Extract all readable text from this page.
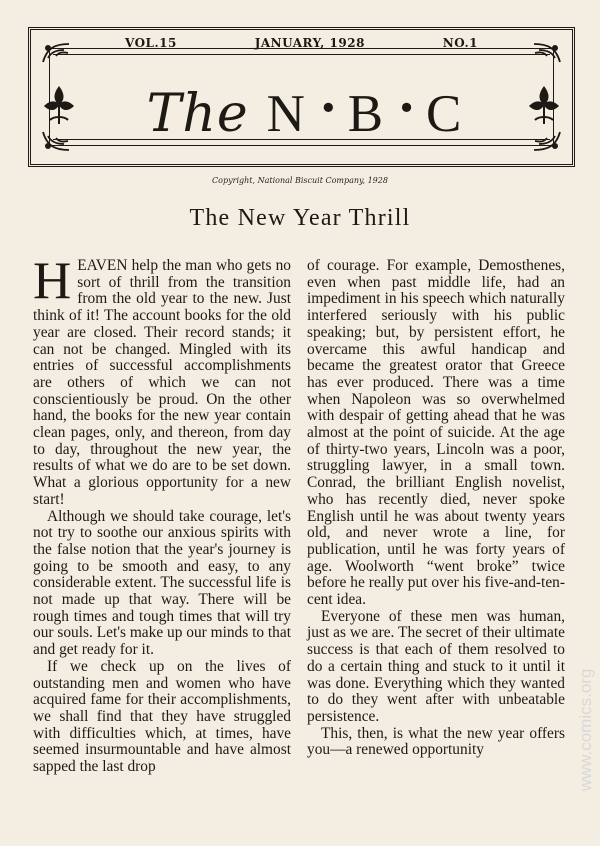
VOL.15	JANUARY, 1928	NO.1
The N • B • C
Copyright, National Biscuit Company, 1928
The New Year Thrill

HEAVEN help the man who gets no sort of thrill from the transition from the old year to the new. Just think of it! The account books for the old year are closed. Their record stands; it can not be changed. Mingled with its entries of successful accomplishments are others of which we can not conscientiously be proud. On the other hand, the books for the new year contain clean pages, only, and thereon, from day to day, throughout the new year, the results of what we do are to be set down. What a glorious opportunity for a new start!

Although we should take courage, let's not try to soothe our anxious spirits with the false notion that the year's journey is going to be smooth and easy, to any considerable extent. The successful life is not made up that way. There will be rough times and tough times that will try our souls. Let's make up our minds to that and get ready for it.

If we check up on the lives of outstanding men and women who have acquired fame for their accomplishments, we shall find that they have struggled with difficulties which, at times, have seemed insurmountable and have almost sapped the last drop

of courage. For example, Demosthenes, even when past middle life, had an impediment in his speech which naturally interfered seriously with his public speaking; but, by persistent effort, he overcame this awful handicap and became the greatest orator that Greece has ever produced. There was a time when Napoleon was so overwhelmed with despair of getting ahead that he was almost at the point of suicide. At the age of thirty-two years, Lincoln was a poor, struggling lawyer, in a small town. Conrad, the brilliant English novelist, who has recently died, never spoke English until he was about twenty years old, and never wrote a line, for publication, until he was forty years of age. Woolworth “went broke” twice before he really put over his five-and-ten-cent idea.

Everyone of these men was human, just as we are. The secret of their ultimate success is that each of them resolved to do a certain thing and stuck to it until it was done. Everything which they wanted to do they went after with unbeatable persistence.

This, then, is what the new year offers you—a renewed opportunity	www.comics.org
